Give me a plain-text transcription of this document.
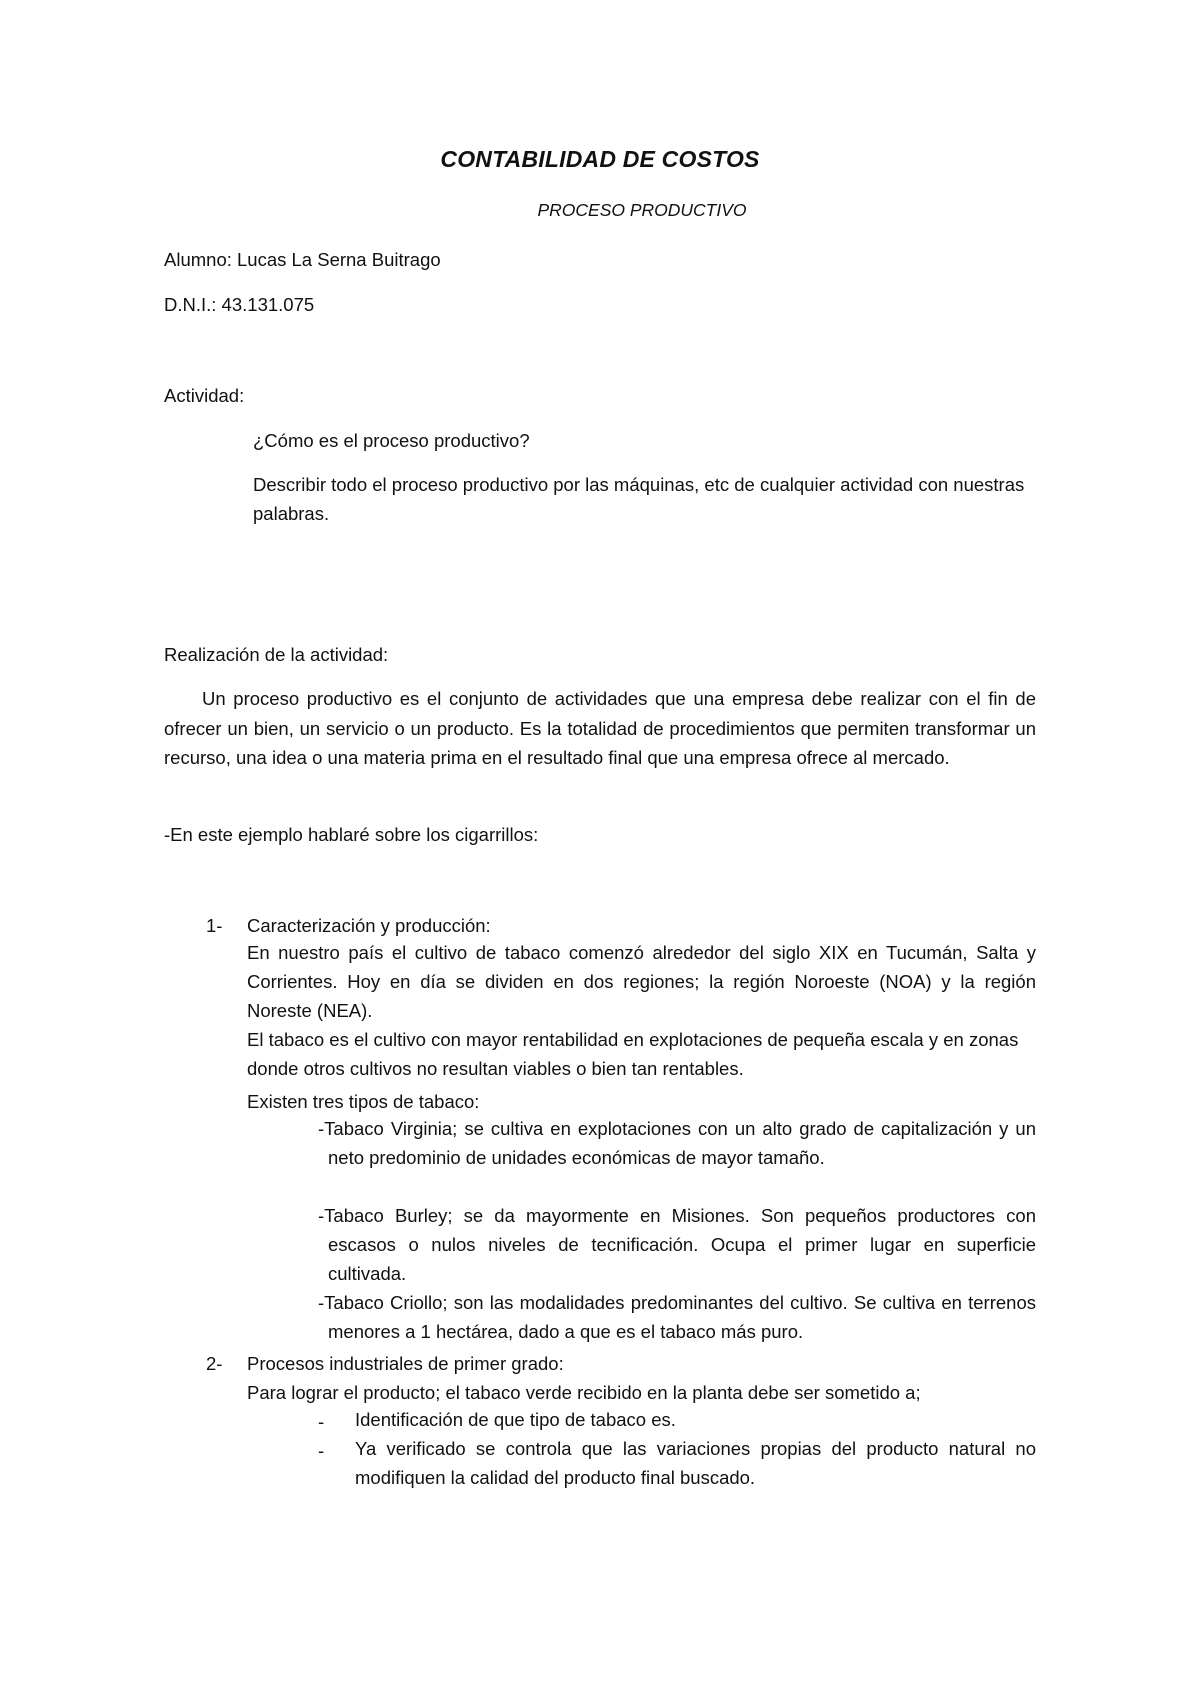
CONTABILIDAD DE COSTOS
PROCESO PRODUCTIVO
Alumno: Lucas La Serna Buitrago
D.N.I.: 43.131.075
Actividad:
¿Cómo es el proceso productivo?
Describir todo el proceso productivo por las máquinas, etc de cualquier actividad con nuestras palabras.
Realización de la actividad:
Un proceso productivo es el conjunto de actividades que una empresa debe realizar con el fin de ofrecer un bien, un servicio o un producto. Es la totalidad de procedimientos que permiten transformar un recurso, una idea o una materia prima en el resultado final que una empresa ofrece al mercado.
-En este ejemplo hablaré sobre los cigarrillos:
1- Caracterización y producción:
En nuestro país el cultivo de tabaco comenzó alrededor del siglo XIX en Tucumán, Salta y Corrientes. Hoy en día se dividen en dos regiones; la región Noroeste (NOA) y la región Noreste (NEA).
El tabaco es el cultivo con mayor rentabilidad en explotaciones de pequeña escala y en zonas donde otros cultivos no resultan viables o bien tan rentables.
Existen tres tipos de tabaco:
-Tabaco Virginia; se cultiva en explotaciones con un alto grado de capitalización y un neto predominio de unidades económicas de mayor tamaño.
-Tabaco Burley; se da mayormente en Misiones. Son pequeños productores con escasos o nulos niveles de tecnificación. Ocupa el primer lugar en superficie cultivada.
-Tabaco Criollo; son las modalidades predominantes del cultivo. Se cultiva en terrenos menores a 1 hectárea, dado a que es el tabaco más puro.
2- Procesos industriales de primer grado:
Para lograr el producto; el tabaco verde recibido en la planta debe ser sometido a;
- Identificación de que tipo de tabaco es.
- Ya verificado se controla que las variaciones propias del producto natural no modifiquen la calidad del producto final buscado.
